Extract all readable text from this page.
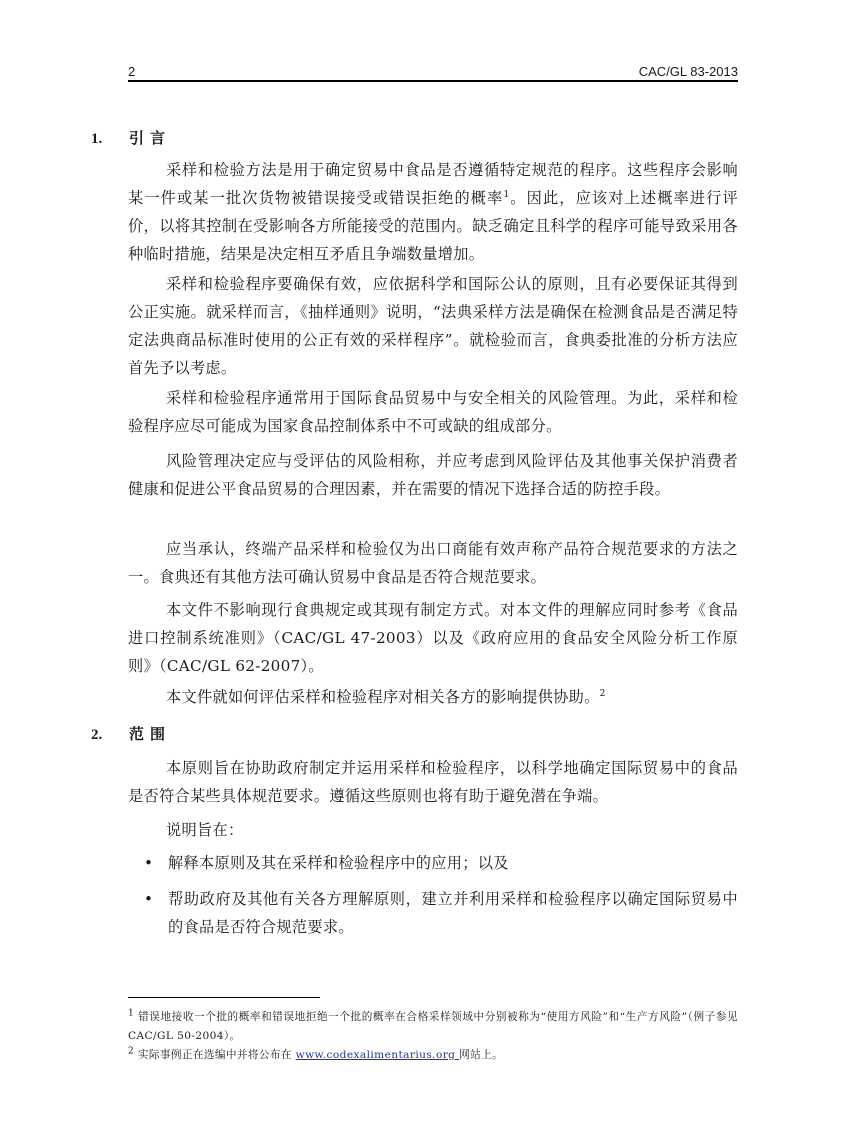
2	CAC/GL 83-2013
1. 引言

采样和检验方法是用于确定贸易中食品是否遵循特定规范的程序。这些程序会影响某一件或某一批次货物被错误接受或错误拒绝的概率$^1$。因此，应该对上述概率进行评价，以将其控制在受影响各方所能接受的范围内。缺乏确定且科学的程序可能导致采用各种临时措施，结果是决定相互矛盾且争端数量增加。

采样和检验程序要确保有效，应依据科学和国际公认的原则，且有必要保证其得到公正实施。就采样而言，《抽样通则》说明，“法典采样方法是确保在检测食品是否满足特定法典商品标准时使用的公正有效的采样程序”。就检验而言，食典委批准的分析方法应首先予以考虑。

采样和检验程序通常用于国际食品贸易中与安全相关的风险管理。为此，采样和检验程序应尽可能成为国家食品控制体系中不可或缺的组成部分。

风险管理决定应与受评估的风险相称，并应考虑到风险评估及其他事关保护消费者健康和促进公平食品贸易的合理因素，并在需要的情况下选择合适的防控手段。

应当承认，终端产品采样和检验仅为出口商能有效声称产品符合规范要求的方法之一。食典还有其他方法可确认贸易中食品是否符合规范要求。

本文件不影响现行食典规定或其现有制定方式。对本文件的理解应同时参考《食品进口控制系统准则》（CAC/GL 47-2003）以及《政府应用的食品安全风险分析工作原则》（CAC/GL 62-2007）。

本文件就如何评估采样和检验程序对相关各方的影响提供协助。$^2$

2. 范围

本原则旨在协助政府制定并运用采样和检验程序，以科学地确定国际贸易中的食品是否符合某些具体规范要求。遵循这些原则也将有助于避免潜在争端。

说明旨在：

• 解释本原则及其在采样和检验程序中的应用；以及

• 帮助政府及其他有关各方理解原则，建立并利用采样和检验程序以确定国际贸易中的食品是否符合规范要求。

$^1$ 错误地接收一个批的概率和错误地拒绝一个批的概率在合格采样领域中分别被称为“使用方风险”和“生产方风险”（例子参见 CAC/GL 50-2004）。

$^2$ 实际事例正在选编中并将公布在 www.codexalimentarius.org 网站上。
